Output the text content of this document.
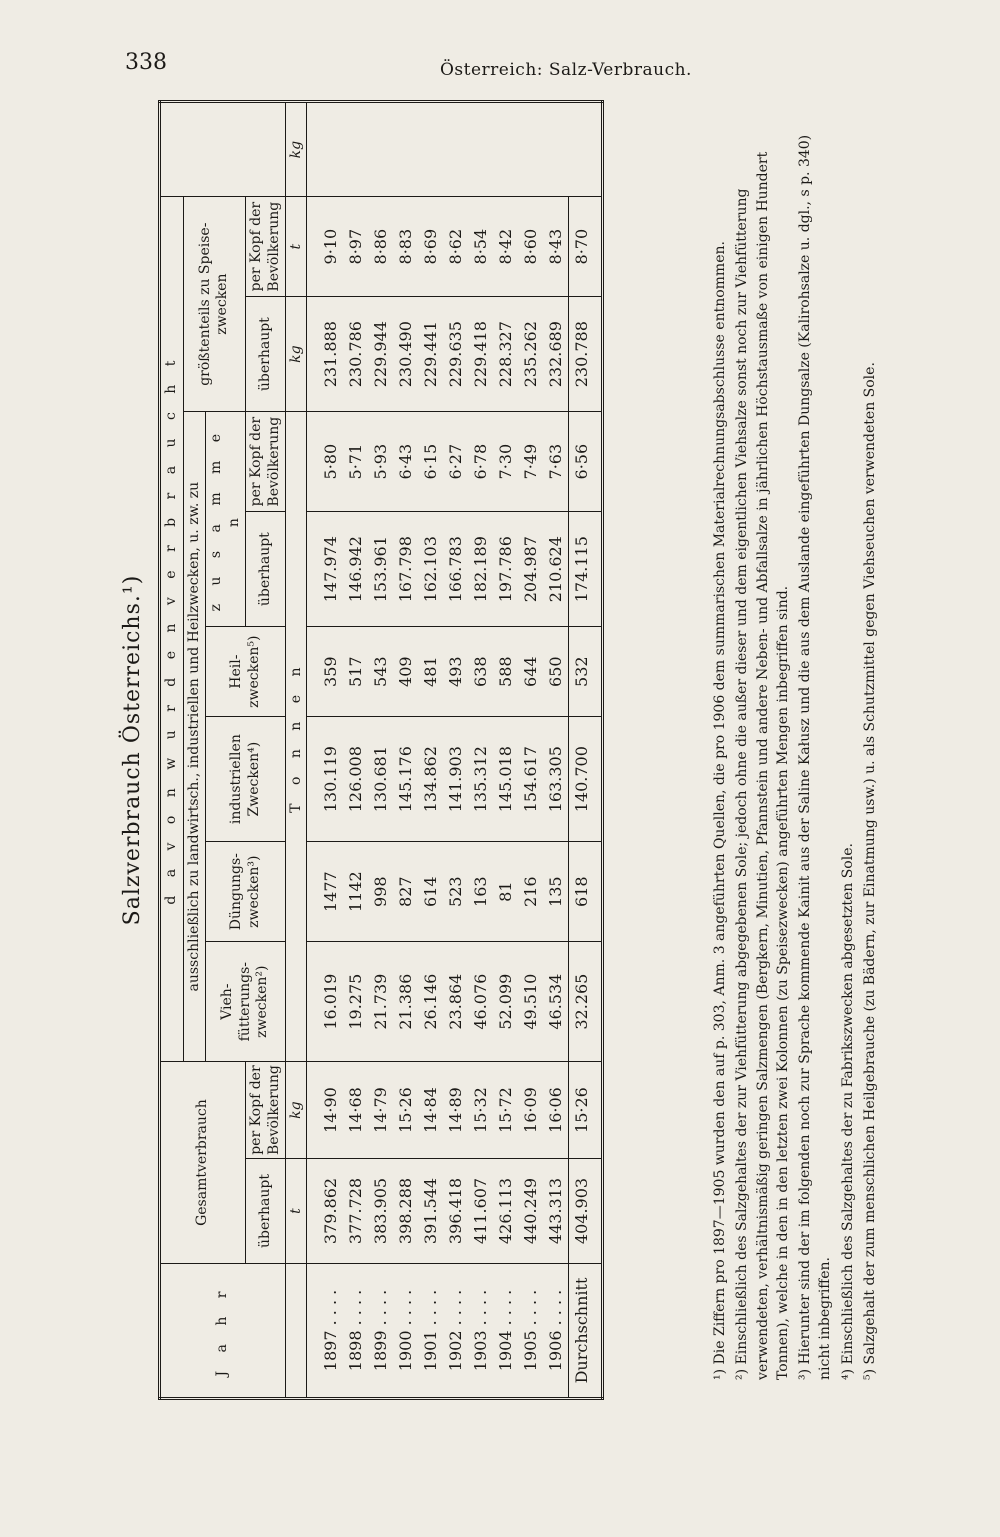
338	Österreich: Salz-Verbrauch.
Salzverbrauch Österreichs.¹)
J a h r	Gesamtverbrauch		d a v o n w u r d e n v e r b r a u c h t								
			ausschließlich zu landwirtsch., industriellen und Heilzwecken, u. zw. zu						größtenteils zu Speise-zwecken		
			Vieh-fütterungs-zwecken²)	Düngungs-zwecken³)	industriellen Zwecken⁴)	Heil-zwecken⁵)	z u s a m m e n				
	überhaupt	per Kopf der Bevölkerung					überhaupt	per Kopf der Bevölkerung	überhaupt	per Kopf der Bevölkerung	
	t	kg	T o n n e n						kg	t	kg
1897 . . . .	379.862	14·90	16.019	1477	130.119	359	147.974	5·80	231.888	9·10	
1898 . . . .	377.728	14·68	19.275	1142	126.008	517	146.942	5·71	230.786	8·97	
1899 . . . .	383.905	14·79	21.739	998	130.681	543	153.961	5·93	229.944	8·86	
1900 . . . .	398.288	15·26	21.386	827	145.176	409	167.798	6·43	230.490	8·83	
1901 . . . .	391.544	14·84	26.146	614	134.862	481	162.103	6·15	229.441	8·69	
1902 . . . .	396.418	14·89	23.864	523	141.903	493	166.783	6·27	229.635	8·62	
1903 . . . .	411.607	15·32	46.076	163	135.312	638	182.189	6·78	229.418	8·54	
1904 . . . .	426.113	15·72	52.099	81	145.018	588	197.786	7·30	228.327	8·42	
1905 . . . .	440.249	16·09	49.510	216	154.617	644	204.987	7·49	235.262	8·60	
1906 . . . .	443.313	16·06	46.534	135	163.305	650	210.624	7·63	232.689	8·43	
Durchschnitt	404.903	15·26	32.265	618	140.700	532	174.115	6·56	230.788	8·70		¹) Die Ziffern pro 1897—1905 wurden den auf p. 303, Anm. 3 angeführten Quellen, die pro 1906 dem summarischen Materialrechnungsabschlusse entnommen. ²) Einschließlich des Salzgehaltes der zur Viehfütterung abgegebenen Sole; jedoch ohne die außer dieser und dem eigentlichen Viehsalze sonst noch zur Viehfütterung verwendeten, verhältnismäßig geringen Salzmengen (Bergkern, Minutien, Pfannstein und andere Neben- und Abfallsalze in jährlichen Höchstausmaße von einigen Hundert Tonnen), welche in den in den letzten zwei Kolonnen (zu Speisezwecken) angeführten Mengen inbegriffen sind. ³) Hierunter sind der im folgenden noch zur Sprache kommende Kainit aus der Saline Kałusz und die aus dem Auslande eingeführten Dungsalze (Kalirohsalze u. dgl., s p. 340) nicht inbegriffen. ⁴) Einschließlich des Salzgehaltes der zu Fabrikszwecken abgesetzten Sole. ⁵) Salzgehalt der zum menschlichen Heilgebrauche (zu Bädern, zur Einatmung usw.) u. als Schutzmittel gegen Viehseuchen verwendeten Sole.
